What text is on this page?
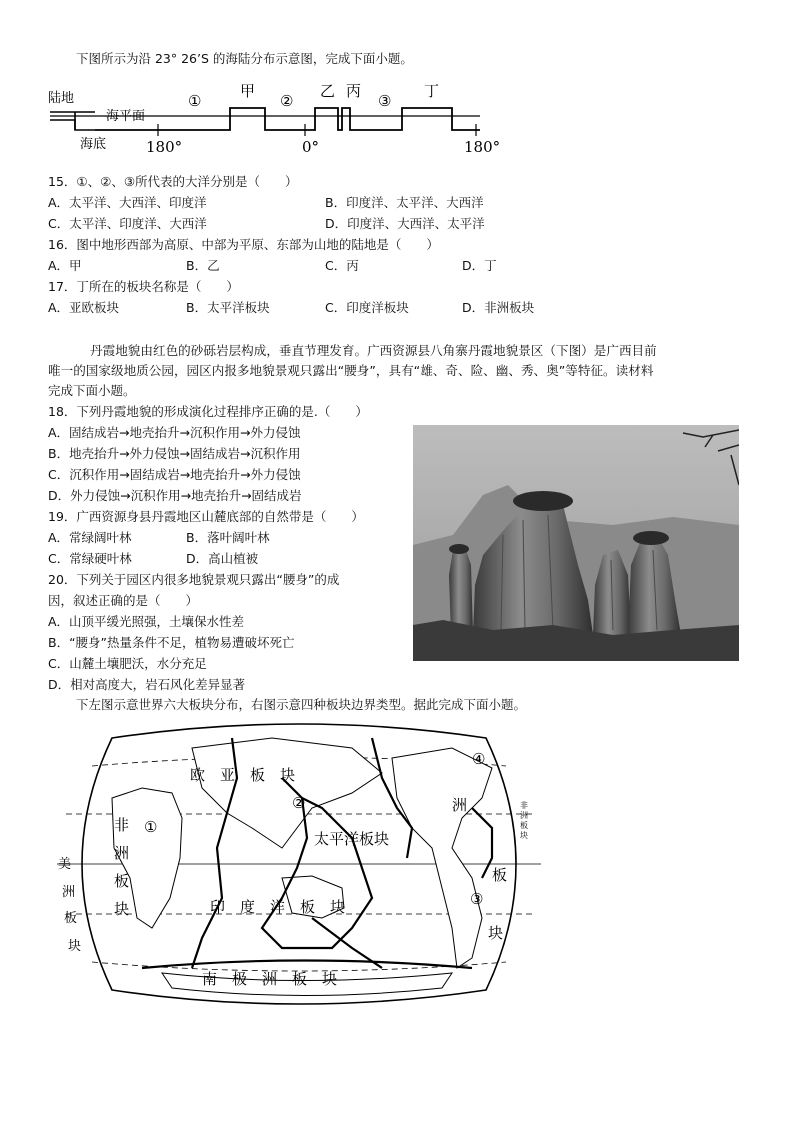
下图所示为沿 23° 26’S 的海陆分布示意图，完成下面小题。
陆地
海平面
海底	180°	0°	180°
①
甲
②
乙 丙
③
丁
15．①、②、③所代表的大洋分别是（　　）
A．太平洋、大西洋、印度洋	B．印度洋、太平洋、大西洋
C．太平洋、印度洋、大西洋	D．印度洋、大西洋、太平洋
16．图中地形西部为高原、中部为平原、东部为山地的陆地是（　　）
A．甲	B．乙	C．丙	D．丁
17．丁所在的板块名称是（　　）
A．亚欧板块	B．太平洋板块	C．印度洋板块	D．非洲板块
丹霞地貌由红色的砂砾岩层构成，垂直节理发育。广西资源县八角寨丹霞地貌景区（下图）是广西目前
唯一的国家级地质公园，园区内报多地貌景观只露出“腰身”，具有“雄、奇、险、幽、秀、奥”等特征。读材料
完成下面小题。
18．下列丹霞地貌的形成演化过程排序正确的是.（　　）
A．固结成岩→地壳抬升→沉积作用→外力侵蚀
B．地壳抬升→外力侵蚀→固结成岩→沉积作用
C．沉积作用→固结成岩→地壳抬升→外力侵蚀
D．外力侵蚀→沉积作用→地壳抬升→固结成岩
19．广西资源身县丹霞地区山麓底部的自然带是（　　）
A．常绿阔叶林	B．落叶阔叶林
C．常绿硬叶林	D．高山植被
20．下列关于园区内很多地貌景观只露出“腰身”的成
因，叙述正确的是（　　）
A．山顶平缓光照强，土壤保水性差
B．“腰身”热量条件不足，植物易遭破坏死亡
C．山麓土壤肥沃，水分充足
D．相对高度大，岩石风化差异显著
下左图示意世界六大板块分布，右图示意四种板块边界类型。据此完成下面小题。
欧　亚　板　块
太平洋板块
印　度　洋　板　块
南　极　洲　板　块
非
洲
板
块
洲
板
块
非
洲
板
块
美
洲
板
块
①
②
③
④
